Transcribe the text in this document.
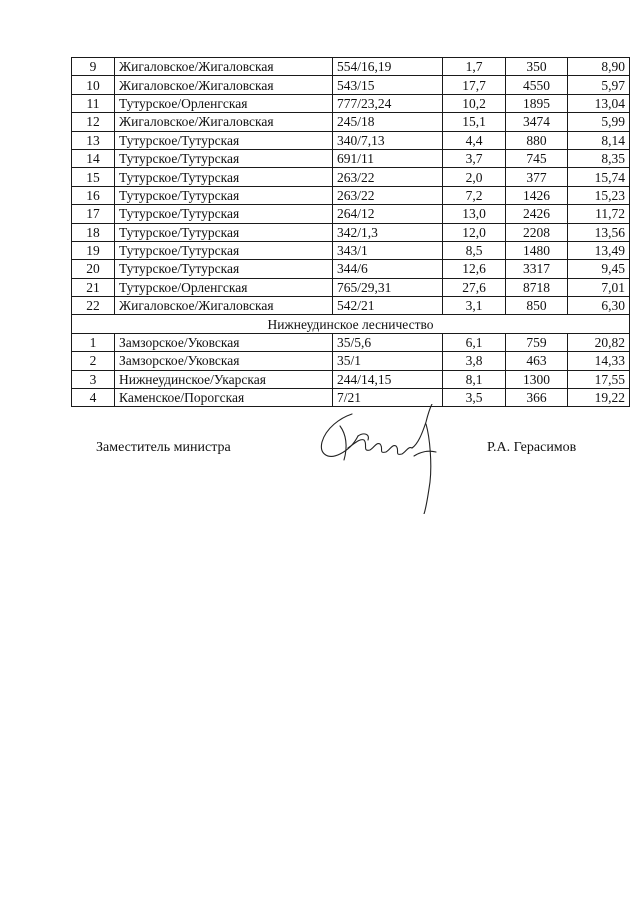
9	Жигаловское/Жигаловская	554/16,19	1,7	350	8,90
10	Жигаловское/Жигаловская	543/15	17,7	4550	5,97
11	Тутурское/Орленгская	777/23,24	10,2	1895	13,04
12	Жигаловское/Жигаловская	245/18	15,1	3474	5,99
13	Тутурское/Тутурская	340/7,13	4,4	880	8,14
14	Тутурское/Тутурская	691/11	3,7	745	8,35
15	Тутурское/Тутурская	263/22	2,0	377	15,74
16	Тутурское/Тутурская	263/22	7,2	1426	15,23
17	Тутурское/Тутурская	264/12	13,0	2426	11,72
18	Тутурское/Тутурская	342/1,3	12,0	2208	13,56
19	Тутурское/Тутурская	343/1	8,5	1480	13,49
20	Тутурское/Тутурская	344/6	12,6	3317	9,45
21	Тутурское/Орленгская	765/29,31	27,6	8718	7,01
22	Жигаловское/Жигаловская	542/21	3,1	850	6,30
Нижнеудинское лесничество					
1	Замзорское/Уковская	35/5,6	6,1	759	20,82
2	Замзорское/Уковская	35/1	3,8	463	14,33
3	Нижнеудинское/Укарская	244/14,15	8,1	1300	17,55
4	Каменское/Порогская	7/21	3,5	366	19,22
Заместитель министра	Р.А. Герасимов
